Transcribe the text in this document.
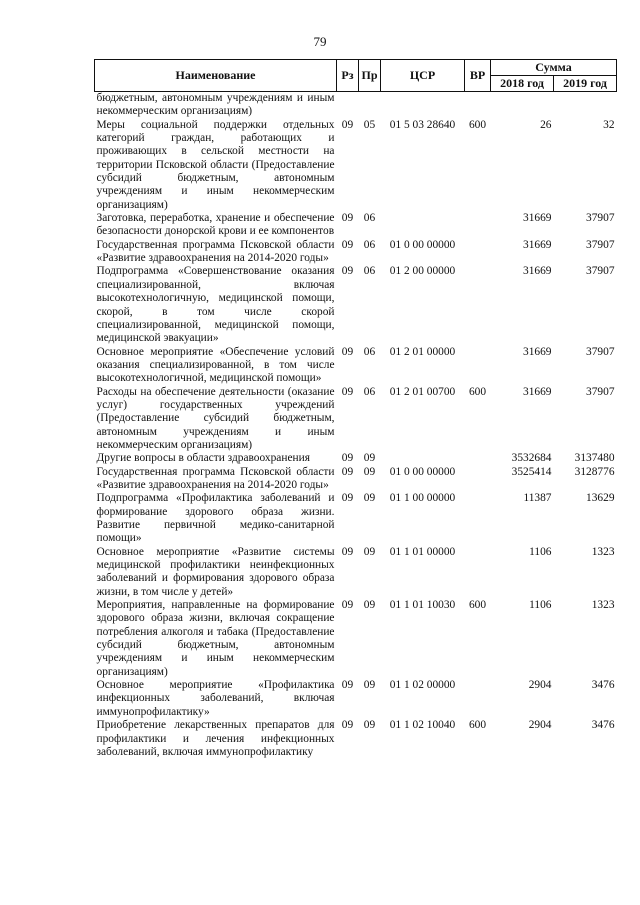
79
Наименование	Рз	Пр	ЦСР	ВР	Сумма	
					2018 год	2019 год
бюджетным, автономным учреждениям и иным некоммерческим организациям)						
Меры социальной поддержки отдельных категорий граждан, работающих и проживающих в сельской местности на территории Псковской области (Предоставление субсидий бюджетным, автономным учреждениям и иным некоммерческим организациям)	09	05	01 5 03 28640	600	26	32
Заготовка, переработка, хранение и обеспечение безопасности донорской крови и ее компонентов	09	06			31669	37907
Государственная программа Псковской области «Развитие здравоохранения на 2014-2020 годы»	09	06	01 0 00 00000		31669	37907
Подпрограмма «Совершенствование оказания специализированной, включая высокотехнологичную, медицинской помощи, скорой, в том числе скорой специализированной, медицинской помощи, медицинской эвакуации»	09	06	01 2 00 00000		31669	37907
Основное мероприятие «Обеспечение условий оказания специализированной, в том числе высокотехнологичной, медицинской помощи»	09	06	01 2 01 00000		31669	37907
Расходы на обеспечение деятельности (оказание услуг) государственных учреждений (Предоставление субсидий бюджетным, автономным учреждениям и иным некоммерческим организациям)	09	06	01 2 01 00700	600	31669	37907
Другие вопросы в области здравоохранения	09	09			3532684	3137480
Государственная программа Псковской области «Развитие здравоохранения на 2014-2020 годы»	09	09	01 0 00 00000		3525414	3128776
Подпрограмма «Профилактика заболеваний и формирование здорового образа жизни. Развитие первичной медико-санитарной помощи»	09	09	01 1 00 00000		11387	13629
Основное мероприятие «Развитие системы медицинской профилактики неинфекционных заболеваний и формирования здорового образа жизни, в том числе у детей»	09	09	01 1 01 00000		1106	1323
Мероприятия, направленные на формирование здорового образа жизни, включая сокращение потребления алкоголя и табака (Предоставление субсидий бюджетным, автономным учреждениям и иным некоммерческим организациям)	09	09	01 1 01 10030	600	1106	1323
Основное мероприятие «Профилактика инфекционных заболеваний, включая иммунопрофилактику»	09	09	01 1 02 00000		2904	3476
Приобретение лекарственных препаратов для профилактики и лечения инфекционных заболеваний, включая иммунопрофилактику	09	09	01 1 02 10040	600	2904	3476
